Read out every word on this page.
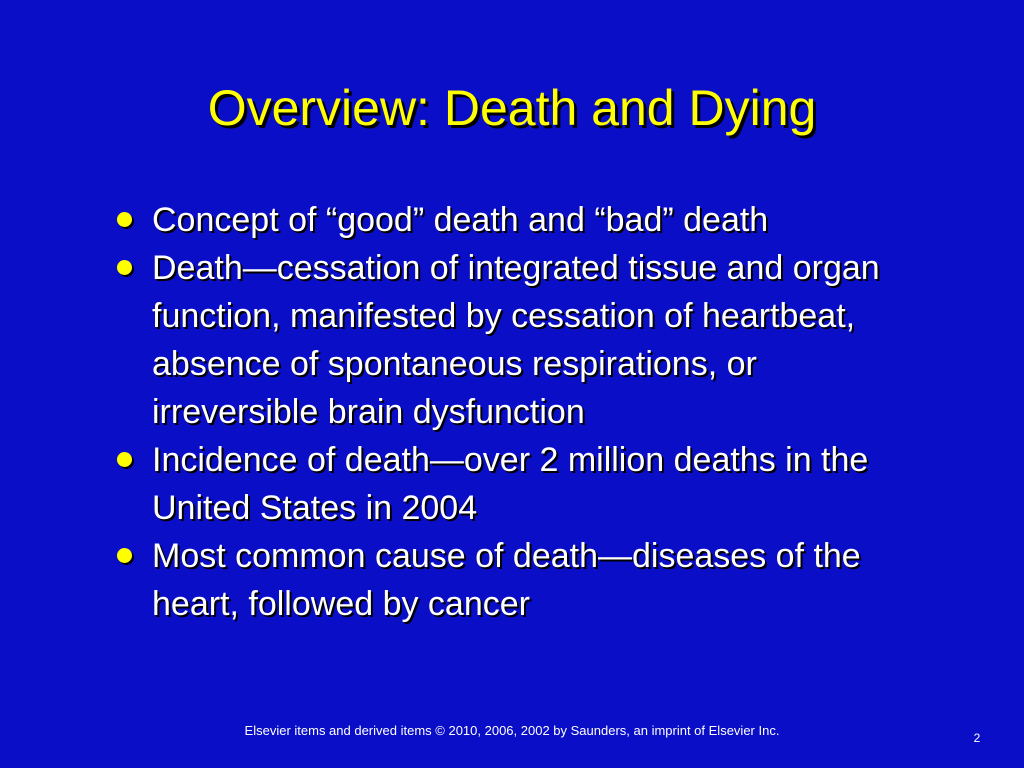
Overview: Death and Dying
Concept of “good” death and “bad” death
Death—cessation of integrated tissue and organ function, manifested by cessation of heartbeat, absence of spontaneous respirations, or irreversible brain dysfunction
Incidence of death—over 2 million deaths in the United States in 2004
Most common cause of death—diseases of the heart, followed by cancer
Elsevier items and derived items © 2010, 2006, 2002 by Saunders, an imprint of Elsevier Inc.	2
